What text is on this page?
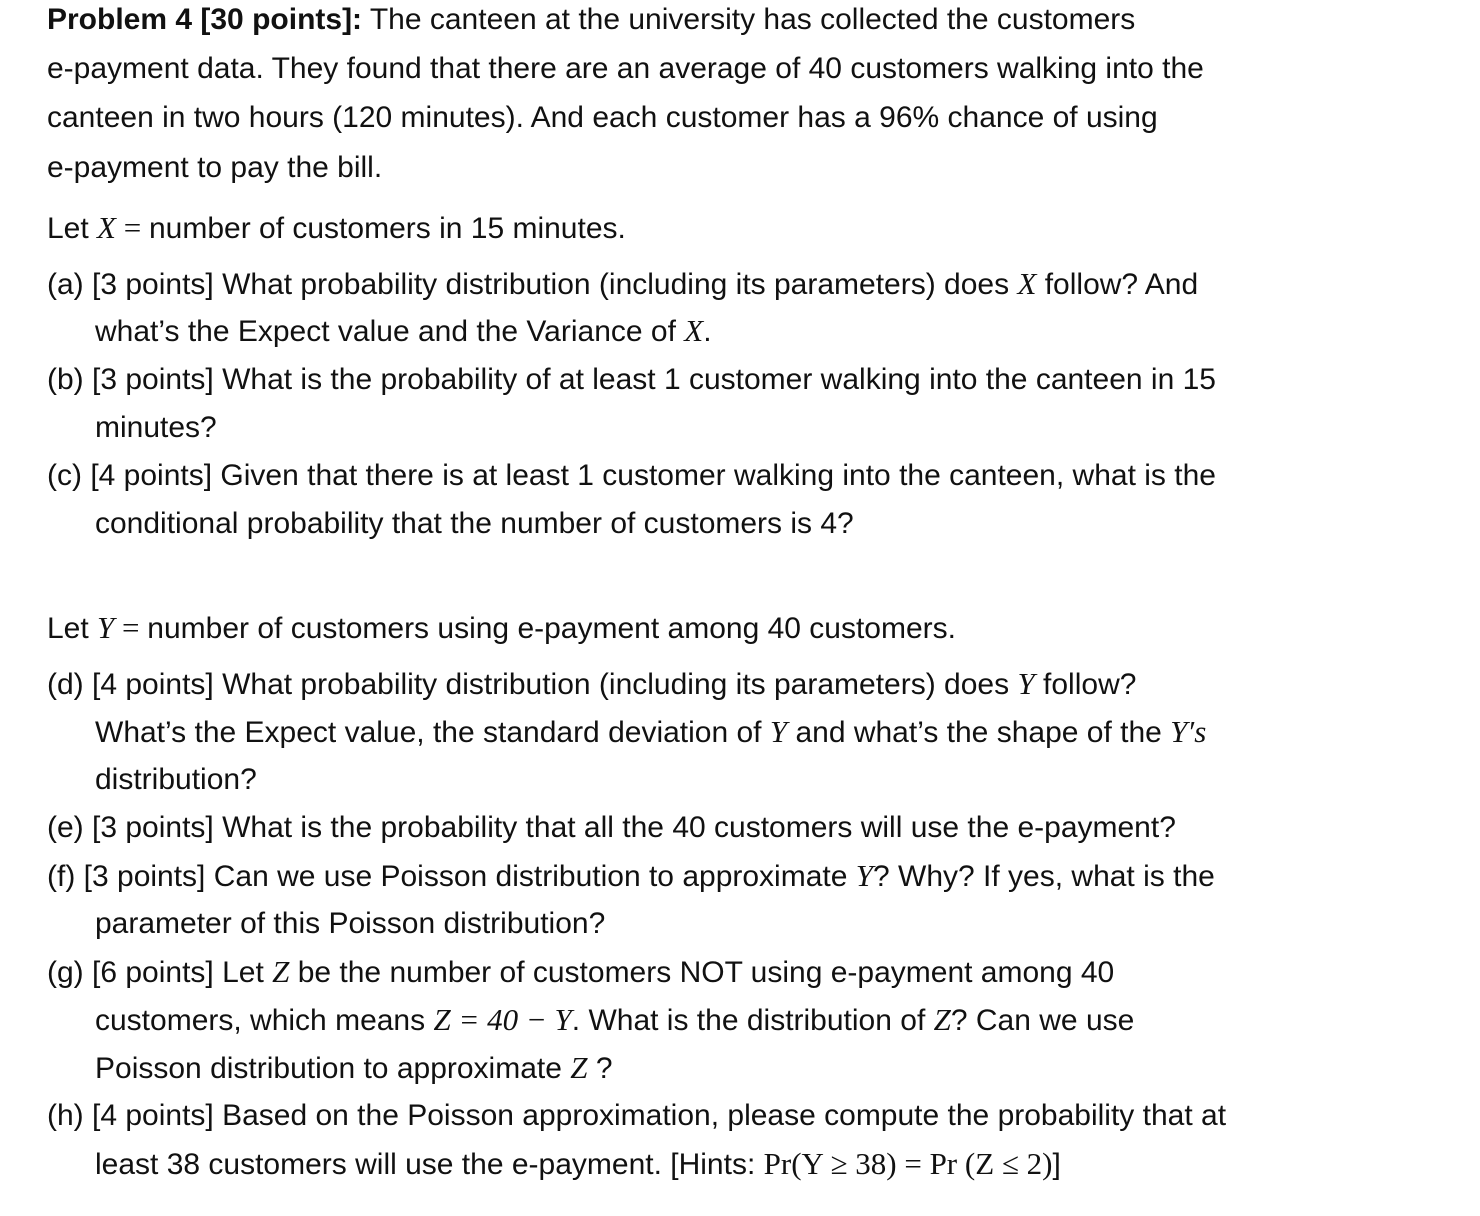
Problem 4 [30 points]: The canteen at the university has collected the customers
e-payment data. They found that there are an average of 40 customers walking into the
canteen in two hours (120 minutes). And each customer has a 96% chance of using
e-payment to pay the bill.
Let X = number of customers in 15 minutes.
(a) [3 points] What probability distribution (including its parameters) does X follow? And
what’s the Expect value and the Variance of X.
(b) [3 points] What is the probability of at least 1 customer walking into the canteen in 15
minutes?
(c) [4 points] Given that there is at least 1 customer walking into the canteen, what is the
conditional probability that the number of customers is 4?
Let Y = number of customers using e-payment among 40 customers.
(d) [4 points] What probability distribution (including its parameters) does Y follow?
What’s the Expect value, the standard deviation of Y and what’s the shape of the Y′s
distribution?
(e) [3 points] What is the probability that all the 40 customers will use the e-payment?
(f) [3 points] Can we use Poisson distribution to approximate Y? Why? If yes, what is the
parameter of this Poisson distribution?
(g) [6 points] Let Z be the number of customers NOT using e-payment among 40
customers, which means Z = 40 − Y. What is the distribution of Z? Can we use
Poisson distribution to approximate Z ?
(h) [4 points] Based on the Poisson approximation, please compute the probability that at
least 38 customers will use the e-payment. [Hints: Pr(Y ≥ 38) = Pr (Z ≤ 2)]
